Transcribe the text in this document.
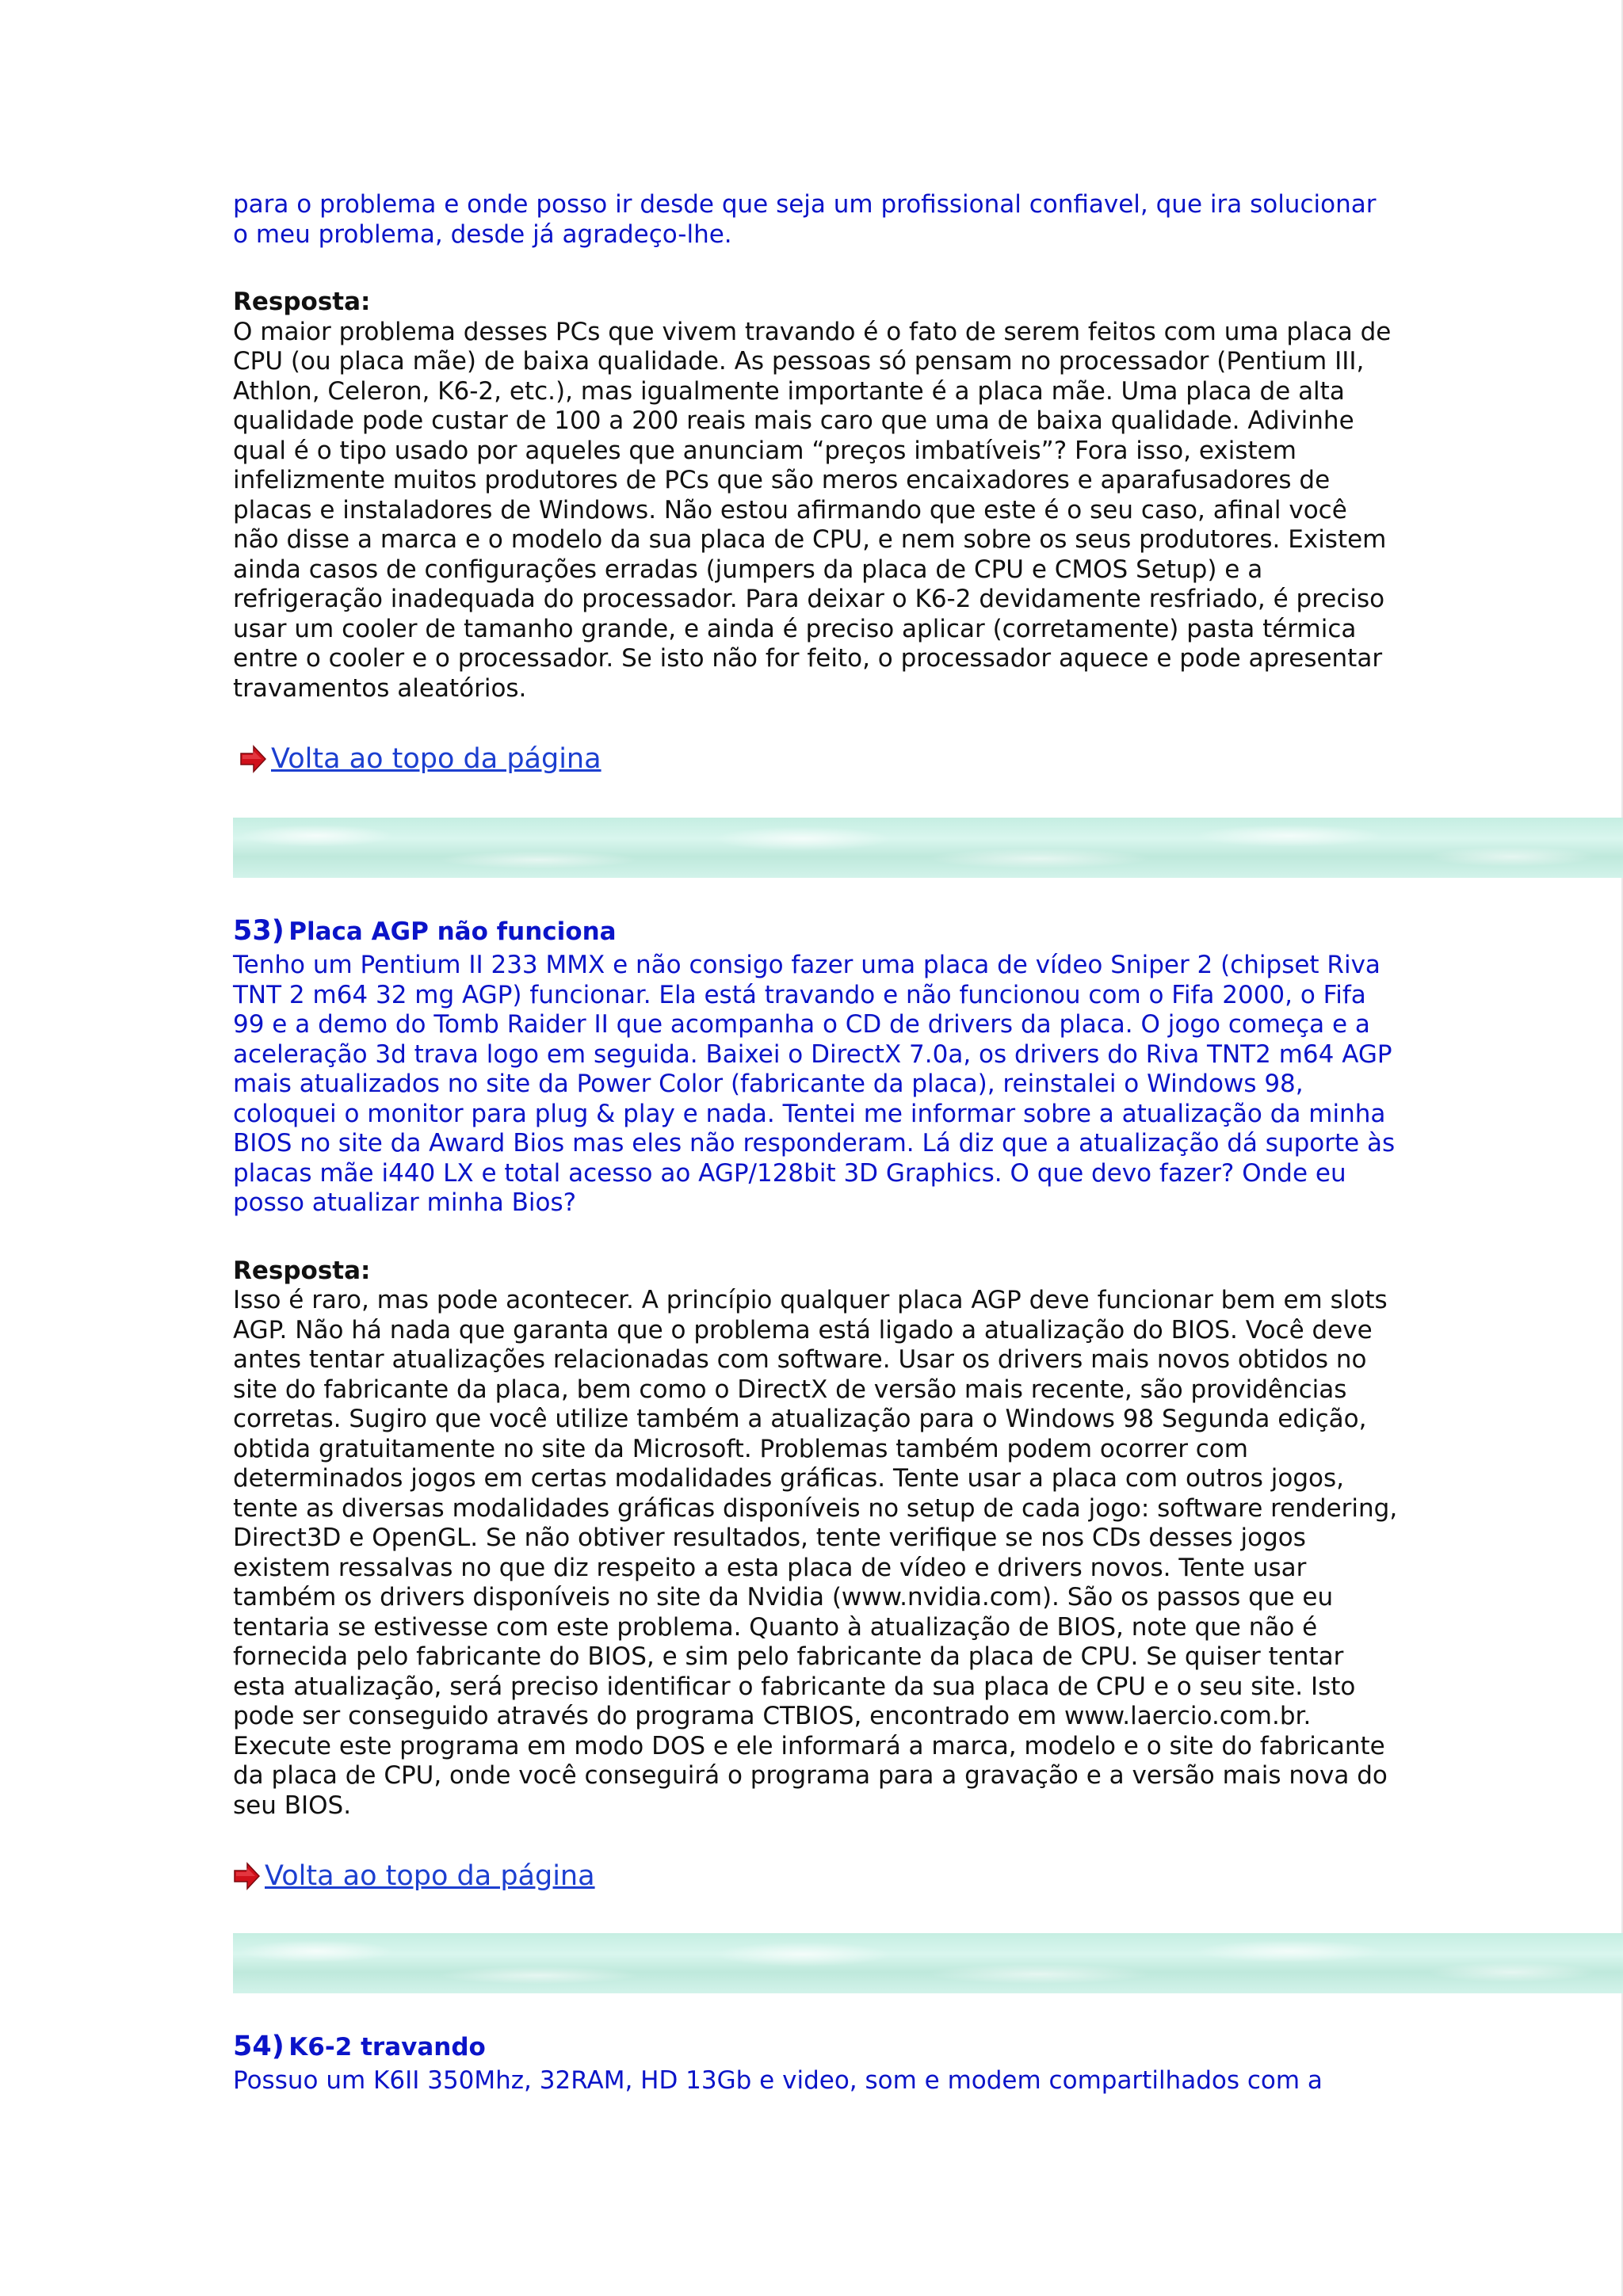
para o problema e onde posso ir desde que seja um profissional confiavel, que ira solucionar o meu problema, desde já agradeço-lhe.

Resposta:

O maior problema desses PCs que vivem travando é o fato de serem feitos com uma placa de CPU (ou placa mãe) de baixa qualidade. As pessoas só pensam no processador (Pentium III, Athlon, Celeron, K6-2, etc.), mas igualmente importante é a placa mãe. Uma placa de alta qualidade pode custar de 100 a 200 reais mais caro que uma de baixa qualidade. Adivinhe qual é o tipo usado por aqueles que anunciam “preços imbatíveis”? Fora isso, existem infelizmente muitos produtores de PCs que são meros encaixadores e aparafusadores de placas e instaladores de Windows. Não estou afirmando que este é o seu caso, afinal você não disse a marca e o modelo da sua placa de CPU, e nem sobre os seus produtores. Existem ainda casos de configurações erradas (jumpers da placa de CPU e CMOS Setup) e a refrigeração inadequada do processador. Para deixar o K6-2 devidamente resfriado, é preciso usar um cooler de tamanho grande, e ainda é preciso aplicar (corretamente) pasta térmica entre o cooler e o processador. Se isto não for feito, o processador aquece e pode apresentar travamentos aleatórios.

Volta ao topo da página

53) Placa AGP não funciona

Tenho um Pentium II 233 MMX e não consigo fazer uma placa de vídeo Sniper 2 (chipset Riva TNT 2 m64 32 mg AGP) funcionar. Ela está travando e não funcionou com o Fifa 2000, o Fifa 99 e a demo do Tomb Raider II que acompanha o CD de drivers da placa. O jogo começa e a aceleração 3d trava logo em seguida. Baixei o DirectX 7.0a, os drivers do Riva TNT2 m64 AGP mais atualizados no site da Power Color (fabricante da placa), reinstalei o Windows 98, coloquei o monitor para plug & play e nada. Tentei me informar sobre a atualização da minha BIOS no site da Award Bios mas eles não responderam. Lá diz que a atualização dá suporte às placas mãe i440 LX e total acesso ao AGP/128bit 3D Graphics. O que devo fazer? Onde eu posso atualizar minha Bios?

Resposta:

Isso é raro, mas pode acontecer. A princípio qualquer placa AGP deve funcionar bem em slots AGP. Não há nada que garanta que o problema está ligado a atualização do BIOS. Você deve antes tentar atualizações relacionadas com software. Usar os drivers mais novos obtidos no site do fabricante da placa, bem como o DirectX de versão mais recente, são providências corretas. Sugiro que você utilize também a atualização para o Windows 98 Segunda edição, obtida gratuitamente no site da Microsoft. Problemas também podem ocorrer com determinados jogos em certas modalidades gráficas. Tente usar a placa com outros jogos, tente as diversas modalidades gráficas disponíveis no setup de cada jogo: software rendering, Direct3D e OpenGL. Se não obtiver resultados, tente verifique se nos CDs desses jogos existem ressalvas no que diz respeito a esta placa de vídeo e drivers novos. Tente usar também os drivers disponíveis no site da Nvidia (www.nvidia.com). São os passos que eu tentaria se estivesse com este problema. Quanto à atualização de BIOS, note que não é fornecida pelo fabricante do BIOS, e sim pelo fabricante da placa de CPU. Se quiser tentar esta atualização, será preciso identificar o fabricante da sua placa de CPU e o seu site. Isto pode ser conseguido através do programa CTBIOS, encontrado em www.laercio.com.br. Execute este programa em modo DOS e ele informará a marca, modelo e o site do fabricante da placa de CPU, onde você conseguirá o programa para a gravação e a versão mais nova do seu BIOS.

Volta ao topo da página

54) K6-2 travando

Possuo um K6II 350Mhz, 32RAM, HD 13Gb e video, som e modem compartilhados com a
